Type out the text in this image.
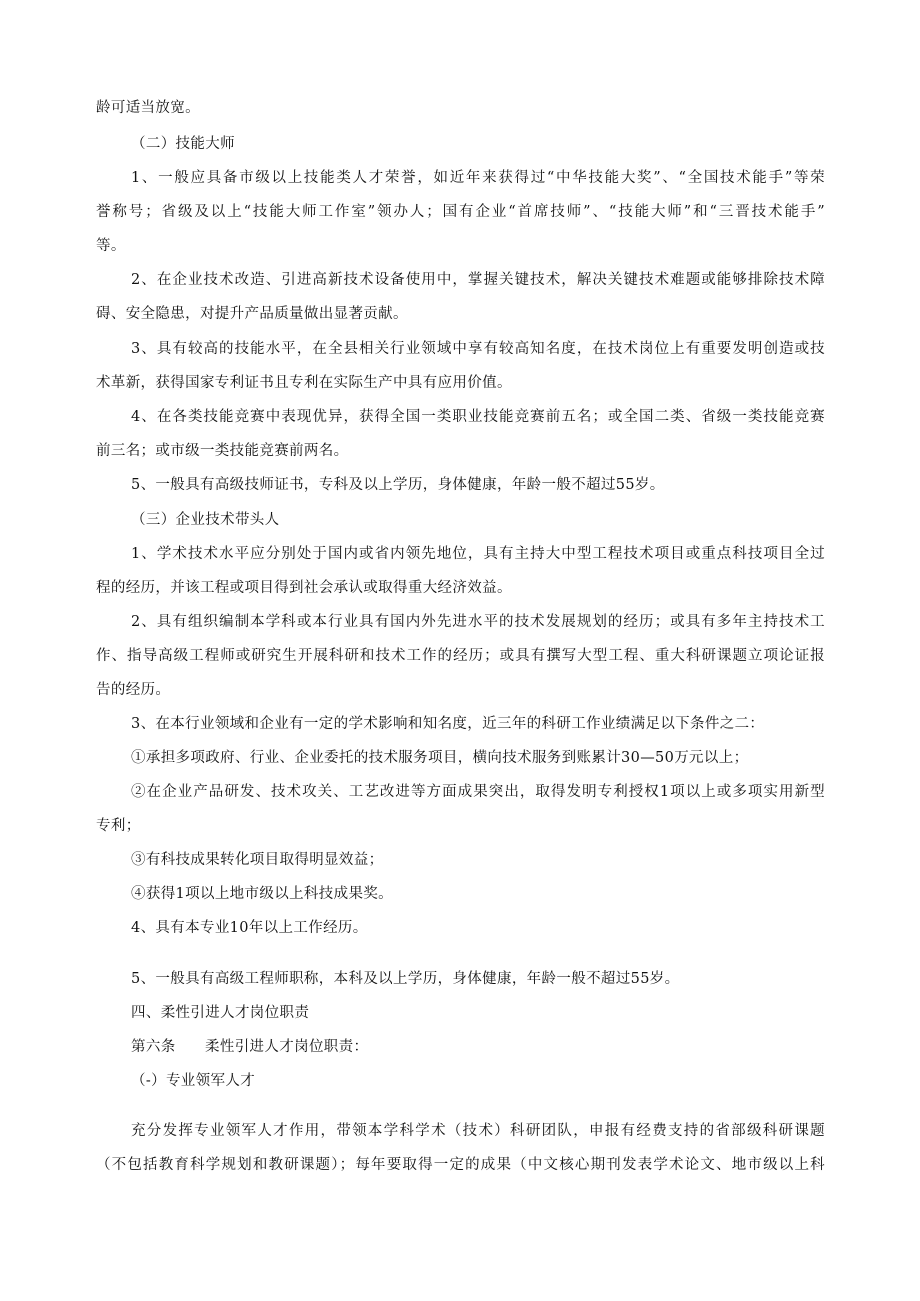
龄可适当放宽。
（二）技能大师
1、一般应具备市级以上技能类人才荣誉，如近年来获得过“中华技能大奖”、“全国技术能手”等荣
誉称号；省级及以上“技能大师工作室”领办人；国有企业“首席技师”、“技能大师”和“三晋技术能手”
等。
2、在企业技术改造、引进高新技术设备使用中，掌握关键技术，解决关键技术难题或能够排除技术障
碍、安全隐患，对提升产品质量做出显著贡献。
3、具有较高的技能水平，在全县相关行业领域中享有较高知名度，在技术岗位上有重要发明创造或技
术革新，获得国家专利证书且专利在实际生产中具有应用价值。
4、在各类技能竞赛中表现优异，获得全国一类职业技能竞赛前五名；或全国二类、省级一类技能竞赛
前三名；或市级一类技能竞赛前两名。
5、一般具有高级技师证书，专科及以上学历，身体健康，年龄一般不超过55岁。
（三）企业技术带头人
1、学术技术水平应分别处于国内或省内领先地位，具有主持大中型工程技术项目或重点科技项目全过
程的经历，并该工程或项目得到社会承认或取得重大经济效益。
2、具有组织编制本学科或本行业具有国内外先进水平的技术发展规划的经历；或具有多年主持技术工
作、指导高级工程师或研究生开展科研和技术工作的经历；或具有撰写大型工程、重大科研课题立项论证报
告的经历。
3、在本行业领域和企业有一定的学术影响和知名度，近三年的科研工作业绩满足以下条件之二：
①承担多项政府、行业、企业委托的技术服务项目，横向技术服务到账累计30—50万元以上；
②在企业产品研发、技术攻关、工艺改进等方面成果突出，取得发明专利授权1项以上或多项实用新型
专利；
③有科技成果转化项目取得明显效益；
④获得1项以上地市级以上科技成果奖。
4、具有本专业10年以上工作经历。
5、一般具有高级工程师职称，本科及以上学历，身体健康，年龄一般不超过55岁。
四、柔性引进人才岗位职责
第六条 柔性引进人才岗位职责：
（-）专业领军人才
充分发挥专业领军人才作用，带领本学科学术（技术）科研团队，申报有经费支持的省部级科研课题
（不包括教育科学规划和教研课题）；每年要取得一定的成果（中文核心期刊发表学术论文、地市级以上科
